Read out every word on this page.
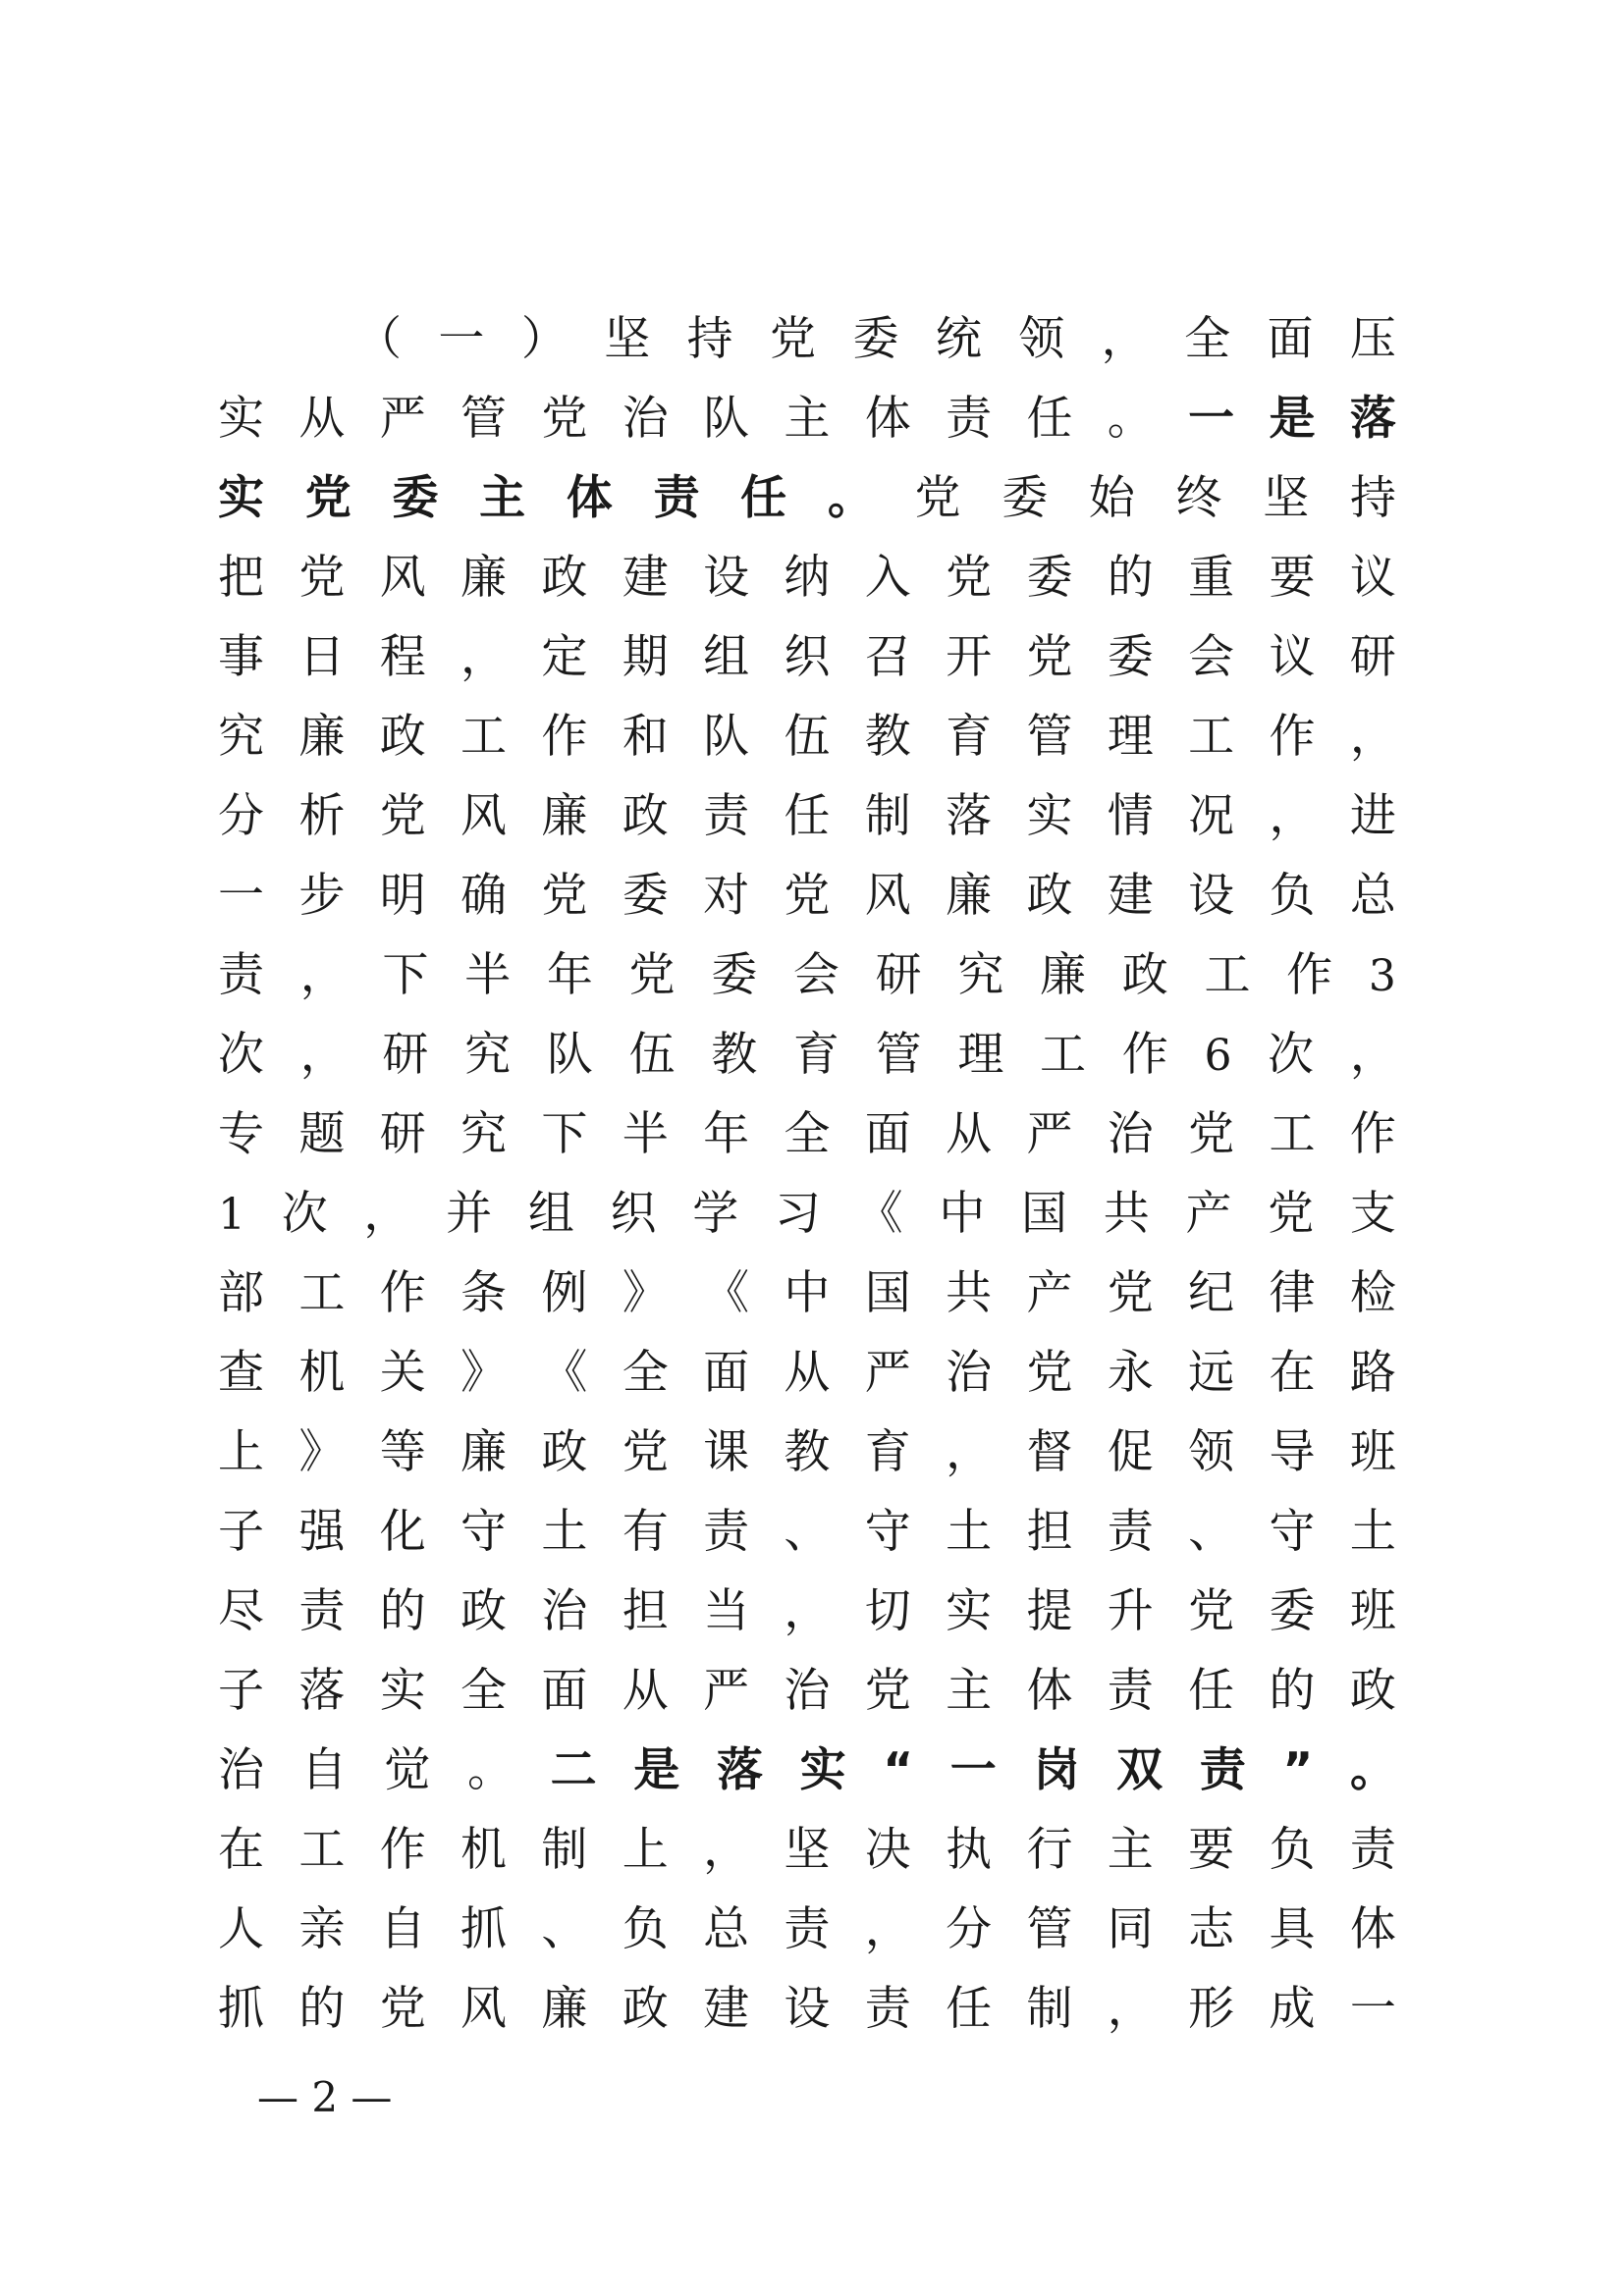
（ 一 ） 坚 持 党 委 统 领 ， 全 面 压
实 从 严 管 党 治 队 主 体 责 任 。 一 是 落
实 党 委 主 体 责 任 。 党 委 始 终 坚 持
把 党 风 廉 政 建 设 纳 入 党 委 的 重 要 议
事 日 程 ， 定 期 组 织 召 开 党 委 会 议 研
究 廉 政 工 作 和 队 伍 教 育 管 理 工 作 ，
分 析 党 风 廉 政 责 任 制 落 实 情 况 ， 进
一 步 明 确 党 委 对 党 风 廉 政 建 设 负 总
责 ， 下 半 年 党 委 会 研 究 廉 政 工 作 3
次 ， 研 究 队 伍 教 育 管 理 工 作 6 次 ，
专 题 研 究 下 半 年 全 面 从 严 治 党 工 作
1 次 ， 并 组 织 学 习 《 中 国 共 产 党 支
部 工 作 条 例 》 《 中 国 共 产 党 纪 律 检
查 机 关 》 《 全 面 从 严 治 党 永 远 在 路
上 》 等 廉 政 党 课 教 育 ， 督 促 领 导 班
子 强 化 守 土 有 责 、 守 土 担 责 、 守 土
尽 责 的 政 治 担 当 ， 切 实 提 升 党 委 班
子 落 实 全 面 从 严 治 党 主 体 责 任 的 政
治 自 觉 。 二 是 落 实 “ 一 岗 双 责 ” 。
在 工 作 机 制 上 ， 坚 决 执 行 主 要 负 责
人 亲 自 抓 、 负 总 责 ， 分 管 同 志 具 体
抓 的 党 风 廉 政 建 设 责 任 制 ， 形 成 一
— 2 —
